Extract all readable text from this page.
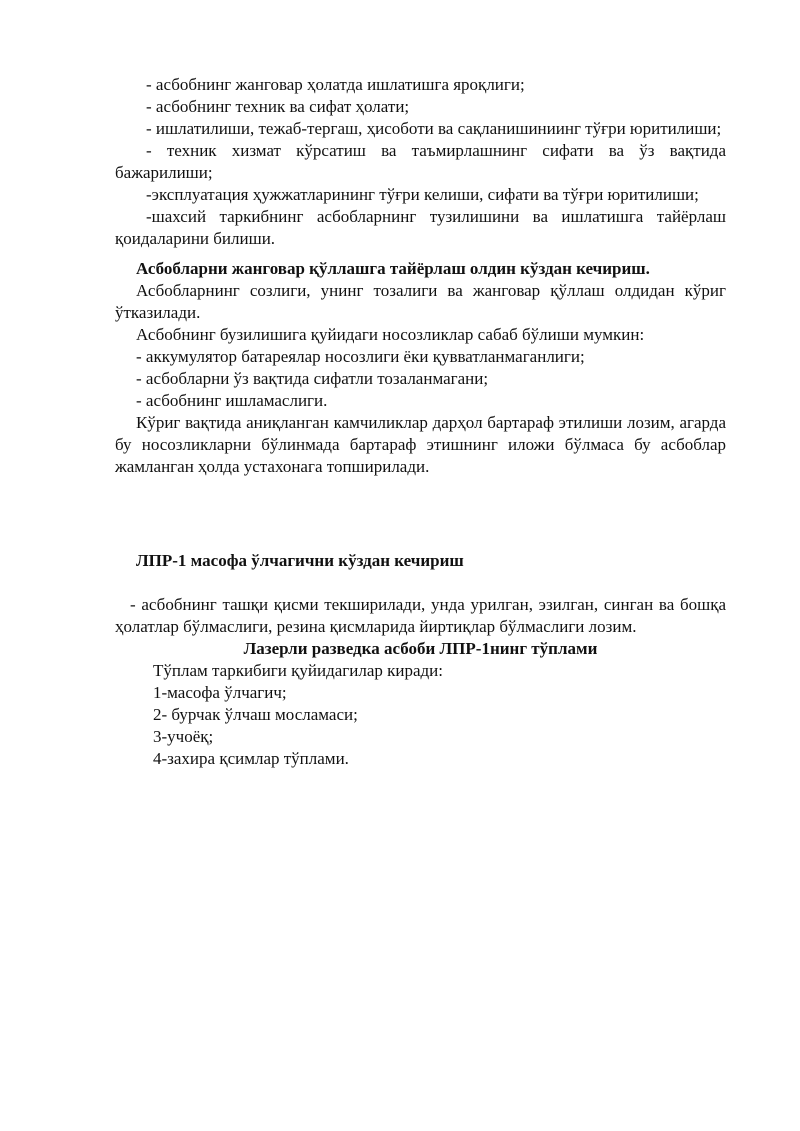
- асбобнинг жанговар ҳолатда ишлатишга яроқлиги;

- асбобнинг техник ва сифат ҳолати;

- ишлатилиши, тежаб-тергаш, ҳисоботи ва сақланишиниинг тўғри юритилиши;

- техник хизмат кўрсатиш ва таъмирлашнинг сифати ва ўз вақтида бажарилиши;

-эксплуатация ҳужжатларининг тўғри келиши, сифати ва тўғри юритилиши;

-шахсий таркибнинг асбобларнинг тузилишини ва ишлатишга тайёрлаш қоидаларини билиши.

Асбобларни жанговар қўллашга тайёрлаш олдин кўздан кечириш.

Асбобларнинг созлиги, унинг тозалиги ва жанговар қўллаш олдидан кўриг ўтказилади.

Асбобнинг бузилишига қуйидаги носозликлар сабаб бўлиши мумкин:

- аккумулятор батареялар носозлиги ёки қувватланмаганлиги;

- асбобларни ўз вақтида сифатли тозаланмагани;

- асбобнинг ишламаслиги.

Кўриг вақтида аниқланган камчиликлар дарҳол бартараф этилиши лозим, агарда бу носозликларни бўлинмада бартараф этишнинг иложи бўлмаса бу асбоблар жамланган ҳолда устахонага топширилади.

ЛПР-1 масофа ўлчагични кўздан кечириш

- асбобнинг ташқи қисми текширилади, унда урилган, эзилган, синган ва бошқа ҳолатлар бўлмаслиги, резина қисмларида йиртиқлар бўлмаслиги лозим.

Лазерли разведка асбоби ЛПР-1нинг тўплами

Тўплам таркибиги қуйидагилар киради:

1-масофа ўлчагич;

2- бурчак ўлчаш мосламаси;

3-учоёқ;

4-захира қсимлар тўплами.
